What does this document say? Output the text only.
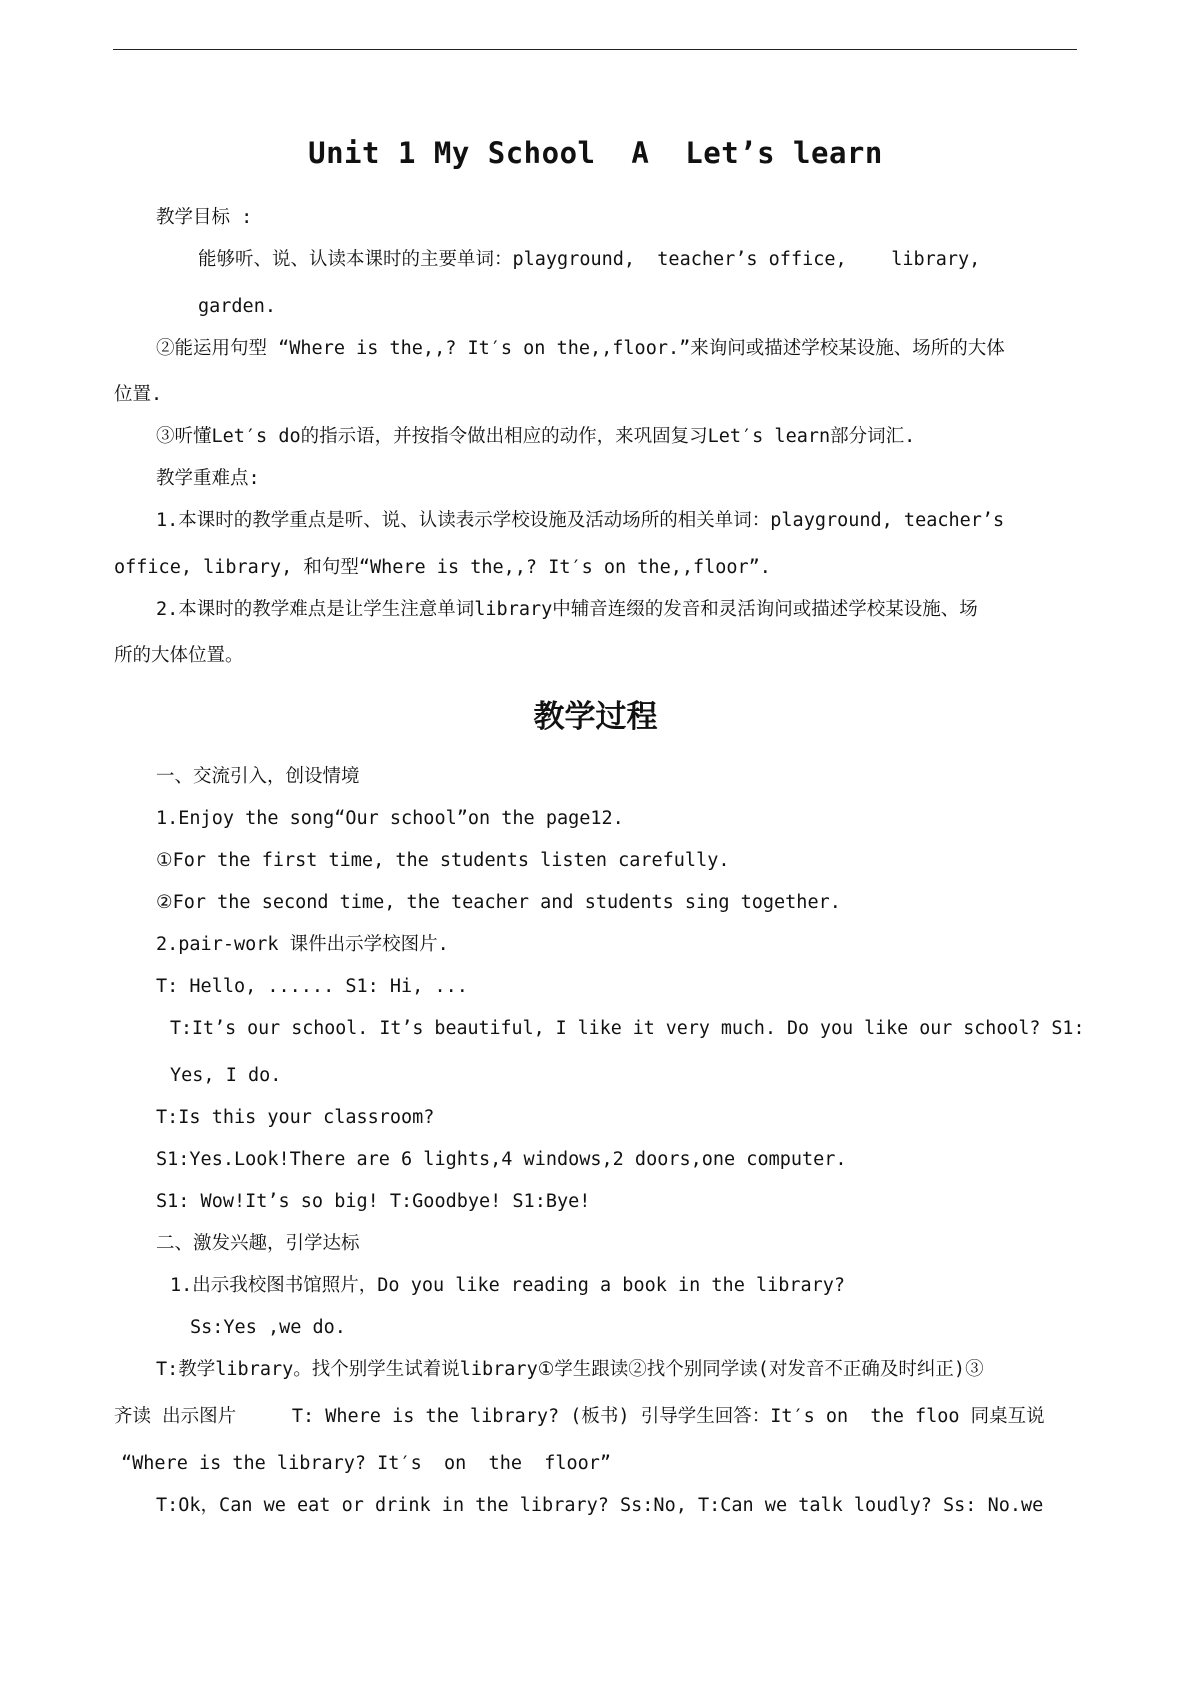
Unit 1 My School  A  Let’s learn
教学目标 :
能够听、说、认读本课时的主要单词：playground,  teacher’s office,    library,
garden.
②能运用句型 “Where is the,,? It′s on the,,floor.”来询问或描述学校某设施、场所的大体
位置.
③听懂Let′s do的指示语，并按指令做出相应的动作，来巩固复习Let′s learn部分词汇.
教学重难点:
1.本课时的教学重点是听、说、认读表示学校设施及活动场所的相关单词：playground, teacher’s
office, library, 和句型“Where is the,,? It′s on the,,floor”.
2.本课时的教学难点是让学生注意单词library中辅音连缀的发音和灵活询问或描述学校某设施、场
所的大体位置。
教学过程
一、交流引入，创设情境
1.Enjoy the song“Our school”on the page12.
①For the first time, the students listen carefully.
②For the second time, the teacher and students sing together.
2.pair-work 课件出示学校图片.
T: Hello, ...... S1: Hi, ...
T:It’s our school. It’s beautiful, I like it very much. Do you like our school? S1:
Yes, I do.
T:Is this your classroom?
S1:Yes.Look!There are 6 lights,4 windows,2 doors,one computer.
S1: Wow!It’s so big! T:Goodbye! S1:Bye!
二、激发兴趣，引学达标
1.出示我校图书馆照片，Do you like reading a book in the library?
Ss:Yes ,we do.
T:教学library。找个别学生试着说library①学生跟读②找个别同学读(对发音不正确及时纠正)③
齐读 出示图片     T: Where is the library? (板书) 引导学生回答：It′s on  the floo 同桌互说
“Where is the library? It′s  on  the  floor”
T:Ok，Can we eat or drink in the library? Ss:No, T:Can we talk loudly? Ss: No.we
